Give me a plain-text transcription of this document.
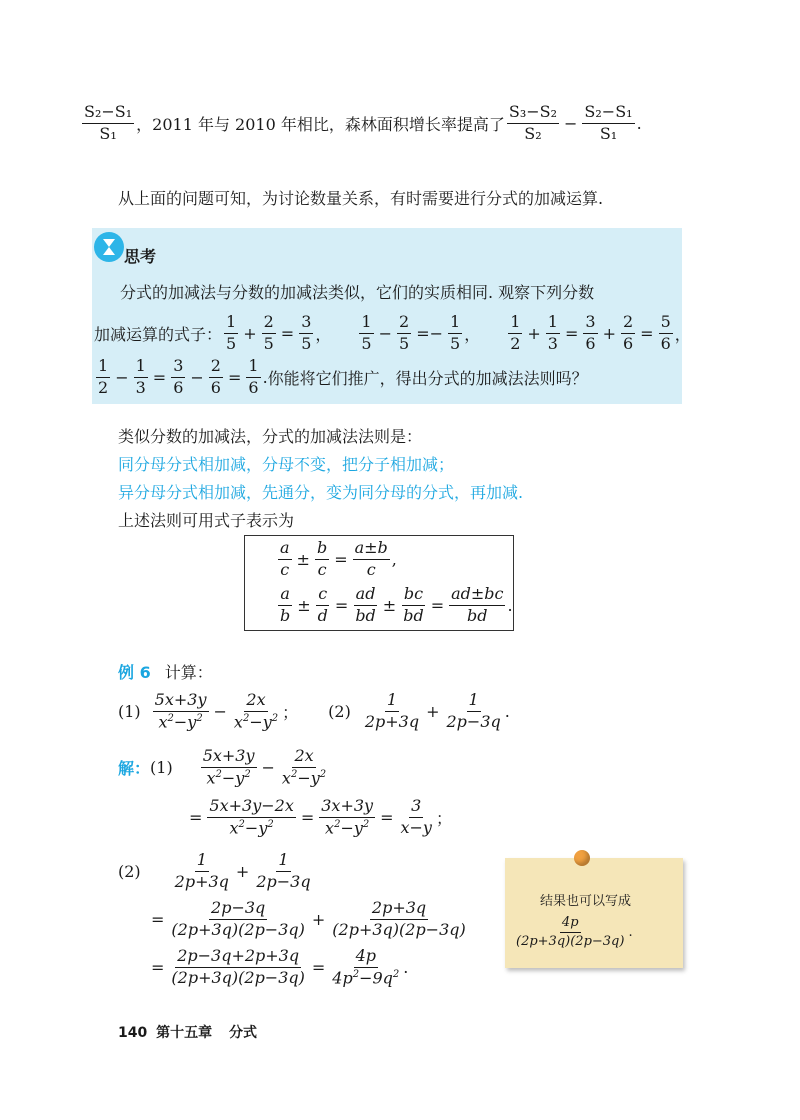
$\frac{\text{S₂−S₁}}{\text{S₁}}$ ，2011 年与 2010 年相比，森林面积增长率提高了 $\frac{\text{S₃−S₂}}{\text{S₂}} - \frac{\text{S₂−S₁}}{\text{S₁}}$ .
从上面的问题可知，为讨论数量关系，有时需要进行分式的加减运算.
思考
分式的加减法与分数的加减法类似，它们的实质相同. 观察下列分数
加减运算的式子： $\frac{1}{5} + \frac{2}{5} = \frac{3}{5}$ ， $\frac{1}{5} - \frac{2}{5} =- \frac{1}{5}$ ， $\frac{1}{2} + \frac{1}{3} = \frac{3}{6} + \frac{2}{6} = \frac{5}{6}$ ，
$\frac{1}{2} - \frac{1}{3} = \frac{3}{6} - \frac{2}{6} = \frac{1}{6}$ . 你能将它们推广，得出分式的加减法法则吗？
类似分数的加减法，分式的加减法法则是：
同分母分式相加减，分母不变，把分子相加减；
异分母分式相加减，先通分，变为同分母的分式，再加减.
上述法则可用式子表示为
$\frac{a}{c} \pm \frac{b}{c} = \frac{a\pm b}{c}$ ,
$\frac{a}{b} \pm \frac{c}{d} = \frac{ad}{bd} \pm \frac{bc}{bd} = \frac{ad\pm bc}{bd}$ .
例 6 计算：
$(1) \frac{5x+3y}{x^2-y^2} - \frac{2x}{x^2-y^2}$ ； $(2) \frac{1}{2p+3q} + \frac{1}{2p-3q}$ .
解： $(1) \frac{5x+3y}{x^2-y^2} - \frac{2x}{x^2-y^2}$
= $\frac{5x+3y-2x}{x^2-y^2} = \frac{3x+3y}{x^2-y^2} = \frac{3}{x-y}$ ；
$(2) \frac{1}{2p+3q} + \frac{1}{2p-3q}$
= $\frac{2p-3q}{(2p+3q)(2p-3q)} + \frac{2p+3q}{(2p+3q)(2p-3q)}$
= $\frac{2p-3q+2p+3q}{(2p+3q)(2p-3q)} = \frac{4p}{4p^2-9q^2}$ .
结果也可以写成
$\frac{4p}{(2p+3q)(2p-3q)}$ .
140 第十五章 分式
